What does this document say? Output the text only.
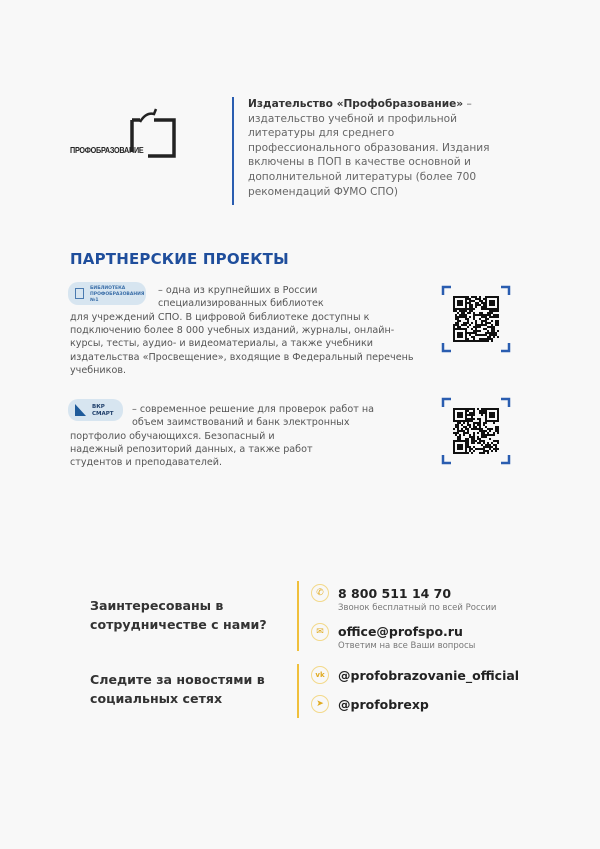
ПРОФОБРАЗОВАНИЕ
Издательство «Профобразование» – издательство учебной и профильной литературы для среднего профессионального образования. Издания включены в ПОП в качестве основной и дополнительной литературы (более 700 рекомендаций ФУМО СПО)
ПАРТНЕРСКИЕ ПРОЕКТЫ
БИБЛИОТЕКА ПРОФОБРАЗОВАНИЯ №1
– одна из крупнейших в России специализированных библиотек
для учреждений СПО. В цифровой библиотеке доступны к подключению более 8 000 учебных изданий, журналы, онлайн-курсы, тесты, аудио- и видеоматериалы, а также учебники издательства «Просвещение», входящие в Федеральный перечень учебников.
ВКР СМАРТ	– современное решение для проверок работ на объем заимствований и банк электронных
портфолио обучающихся. Безопасный и надежный репозиторий данных, а также работ студентов и преподавателей.
Заинтересованы в сотрудничестве с нами?
✆	8 800 511 14 70
Звонок бесплатный по всей России
✉	office@profspo.ru
Ответим на все Ваши вопросы
Следите за новостями в социальных сетях
vk	@profobrazovanie_official
➤	@profobrexp
